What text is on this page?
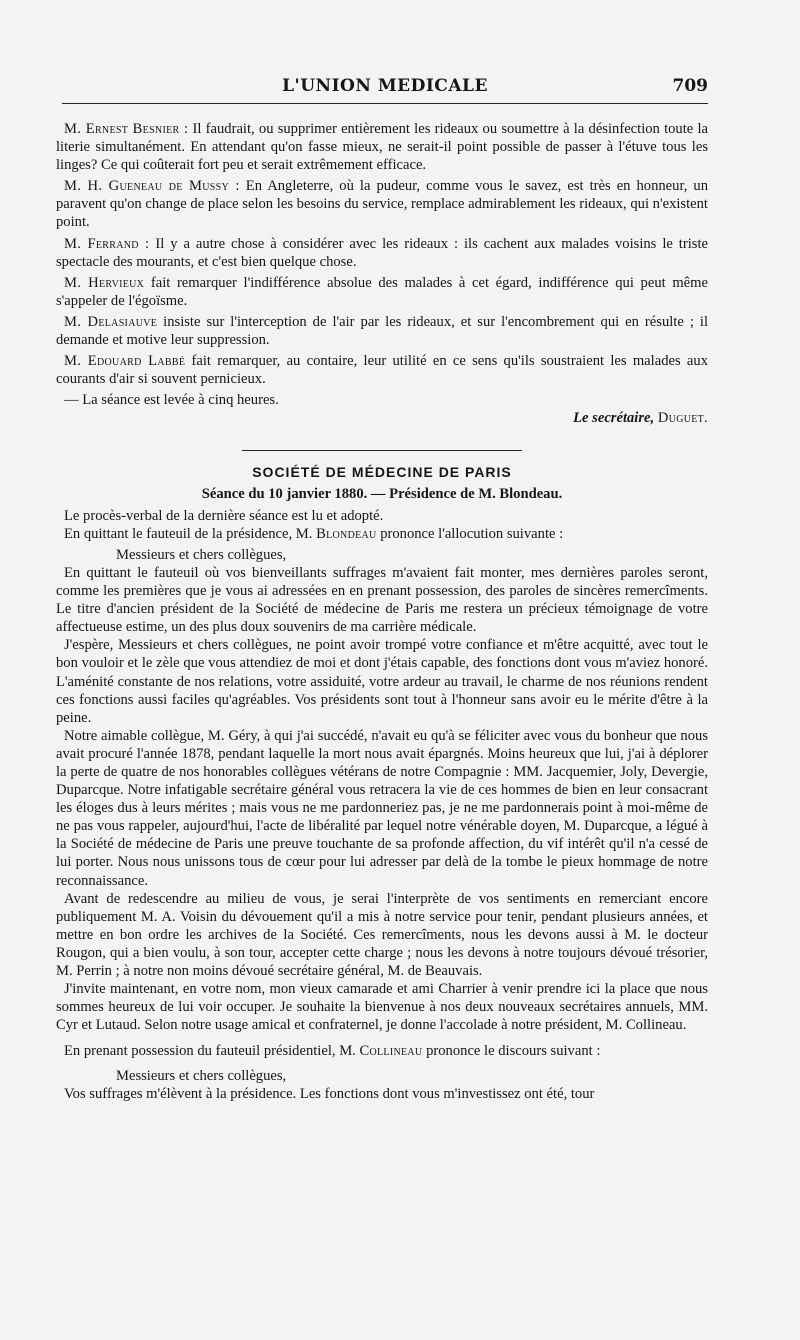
L'UNION MEDICALE	709

M. Ernest Besnier : Il faudrait, ou supprimer entièrement les rideaux ou soumettre à la désinfection toute la literie simultanément. En attendant qu'on fasse mieux, ne serait-il point possible de passer à l'étuve tous les linges? Ce qui coûterait fort peu et serait extrêmement efficace.

M. H. Gueneau de Mussy : En Angleterre, où la pudeur, comme vous le savez, est très en honneur, un paravent qu'on change de place selon les besoins du service, remplace admirablement les rideaux, qui n'existent point.

M. Ferrand : Il y a autre chose à considérer avec les rideaux : ils cachent aux malades voisins le triste spectacle des mourants, et c'est bien quelque chose.

M. Hervieux fait remarquer l'indifférence absolue des malades à cet égard, indifférence qui peut même s'appeler de l'égoïsme.

M. Delasiauve insiste sur l'interception de l'air par les rideaux, et sur l'encombrement qui en résulte ; il demande et motive leur suppression.

M. Edouard Labbé fait remarquer, au contaire, leur utilité en ce sens qu'ils soustraient les malades aux courants d'air si souvent pernicieux.

— La séance est levée à cinq heures.

Le secrétaire, Duguet.

SOCIÉTÉ DE MÉDECINE DE PARIS

Séance du 10 janvier 1880. — Présidence de M. Blondeau.

Le procès-verbal de la dernière séance est lu et adopté.

En quittant le fauteuil de la présidence, M. Blondeau prononce l'allocution suivante :

Messieurs et chers collègues,

En quittant le fauteuil où vos bienveillants suffrages m'avaient fait monter, mes dernières paroles seront, comme les premières que je vous ai adressées en en prenant possession, des paroles de sincères remercîments. Le titre d'ancien président de la Société de médecine de Paris me restera un précieux témoignage de votre affectueuse estime, un des plus doux souvenirs de ma carrière médicale.

J'espère, Messieurs et chers collègues, ne point avoir trompé votre confiance et m'être acquitté, avec tout le bon vouloir et le zèle que vous attendiez de moi et dont j'étais capable, des fonctions dont vous m'aviez honoré. L'aménité constante de nos relations, votre assiduité, votre ardeur au travail, le charme de nos réunions rendent ces fonctions aussi faciles qu'agréables. Vos présidents sont tout à l'honneur sans avoir eu le mérite d'être à la peine.

Notre aimable collègue, M. Géry, à qui j'ai succédé, n'avait eu qu'à se féliciter avec vous du bonheur que nous avait procuré l'année 1878, pendant laquelle la mort nous avait épargnés. Moins heureux que lui, j'ai à déplorer la perte de quatre de nos honorables collègues vétérans de notre Compagnie : MM. Jacquemier, Joly, Devergie, Duparcque. Notre infatigable secrétaire général vous retracera la vie de ces hommes de bien en leur consacrant les éloges dus à leurs mérites ; mais vous ne me pardonneriez pas, je ne me pardonnerais point à moi-même de ne pas vous rappeler, aujourd'hui, l'acte de libéralité par lequel notre vénérable doyen, M. Duparcque, a légué à la Société de médecine de Paris une preuve touchante de sa profonde affection, du vif intérêt qu'il n'a cessé de lui porter. Nous nous unissons tous de cœur pour lui adresser par delà de la tombe le pieux hommage de notre reconnaissance.

Avant de redescendre au milieu de vous, je serai l'interprète de vos sentiments en remerciant encore publiquement M. A. Voisin du dévouement qu'il a mis à notre service pour tenir, pendant plusieurs années, et mettre en bon ordre les archives de la Société. Ces remercîments, nous les devons aussi à M. le docteur Rougon, qui a bien voulu, à son tour, accepter cette charge ; nous les devons à notre toujours dévoué trésorier, M. Perrin ; à notre non moins dévoué secrétaire général, M. de Beauvais.

J'invite maintenant, en votre nom, mon vieux camarade et ami Charrier à venir prendre ici la place que nous sommes heureux de lui voir occuper. Je souhaite la bienvenue à nos deux nouveaux secrétaires annuels, MM. Cyr et Lutaud. Selon notre usage amical et confraternel, je donne l'accolade à notre président, M. Collineau.

En prenant possession du fauteuil présidentiel, M. Collineau prononce le discours suivant :

Messieurs et chers collègues,

Vos suffrages m'élèvent à la présidence. Les fonctions dont vous m'investissez ont été, tour
